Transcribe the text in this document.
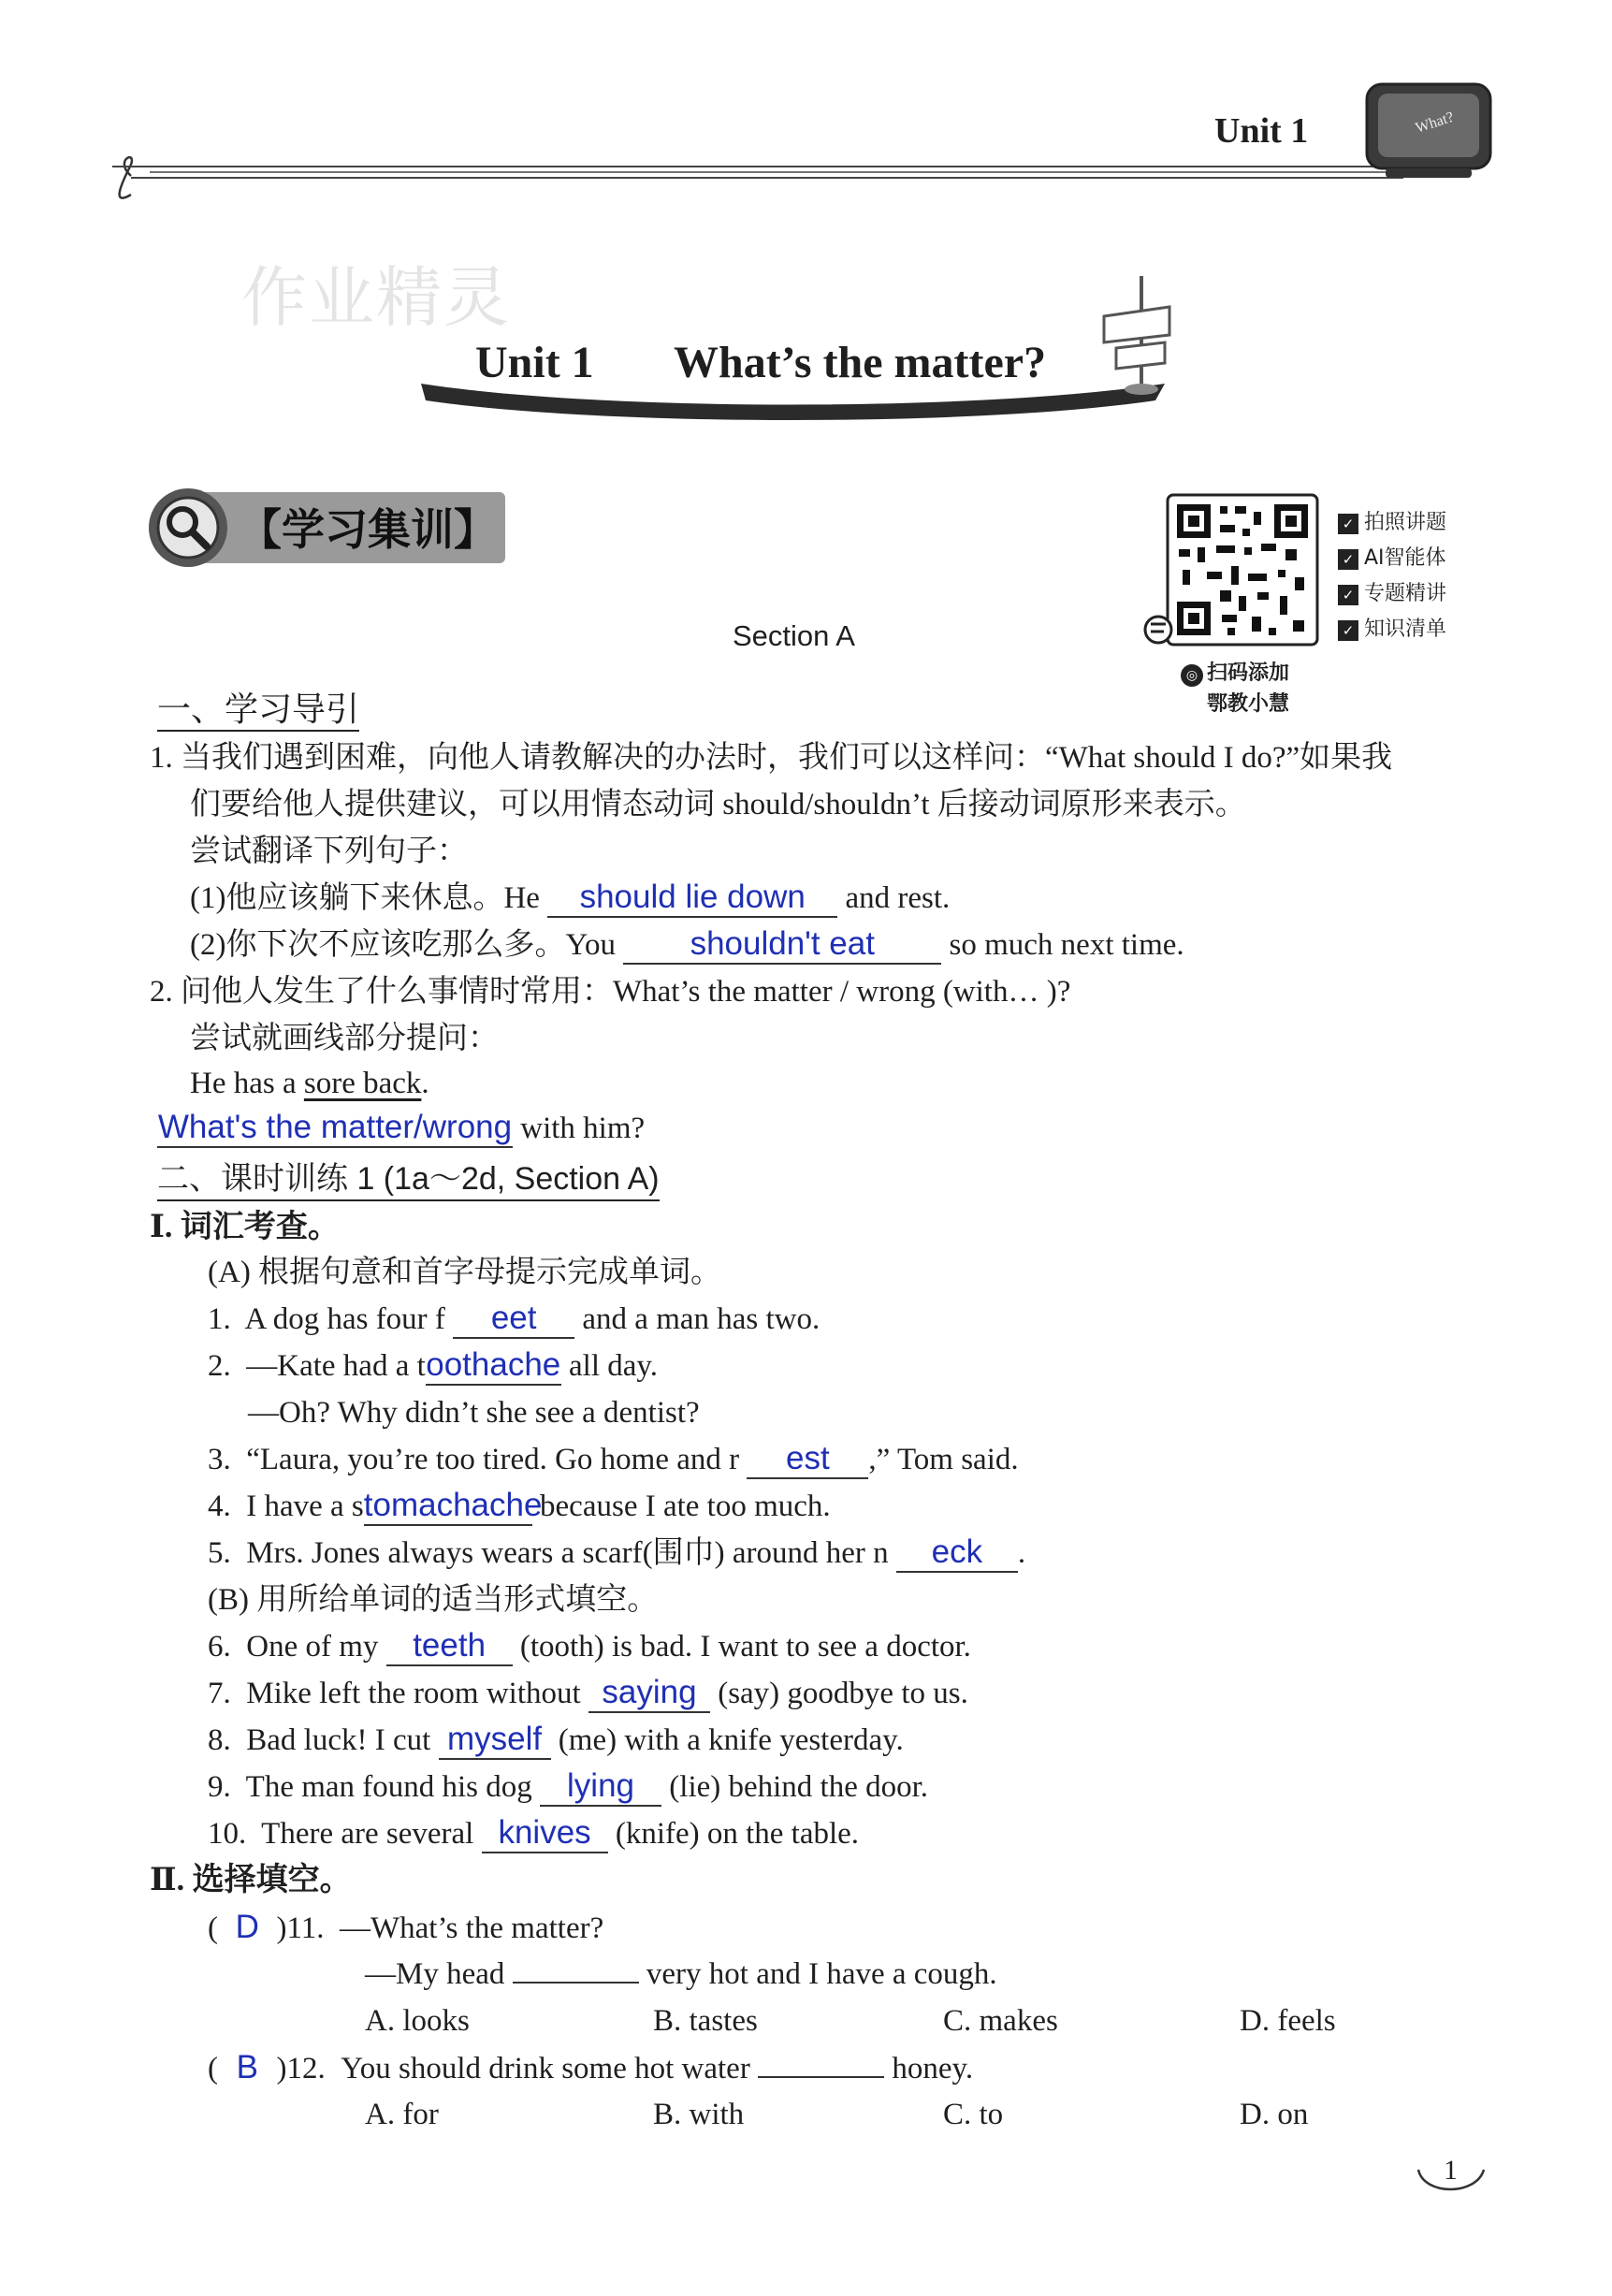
Unit 1	What?
作业精灵
Unit 1 What’s the matter?
【学习集训】	✓ 拍照讲题
✓ AI智能体
✓ 专题精讲
✓ 知识清单
◎ 扫码添加
鄂教小慧
Section A
一、学习导引
1. 当我们遇到困难，向他人请教解决的办法时，我们可以这样问：“What should I do?”如果我
们要给他人提供建议，可以用情态动词 should/shouldn’t 后接动词原形来表示。
尝试翻译下列句子：
(1)他应该躺下来休息。He should lie down and rest.
(2)你下次不应该吃那么多。You shouldn't eat so much next time.
2. 问他人发生了什么事情时常用：What’s the matter / wrong (with… )?
尝试就画线部分提问：
He has a sore back.
What's the matter/wrong with him?
二、课时训练 1 (1a～2d, Section A)
Ⅰ. 词汇考查。
(A) 根据句意和首字母提示完成单词。
1. A dog has four f eet and a man has two.
2. —Kate had a toothache all day.
—Oh? Why didn’t she see a dentist?
3. “Laura, you’re too tired. Go home and r est ,” Tom said.
4. I have a stomachache because I ate too much.
5. Mrs. Jones always wears a scarf(围巾) around her n eck .
(B) 用所给单词的适当形式填空。
6. One of my teeth (tooth) is bad. I want to see a doctor.
7. Mike left the room without saying (say) goodbye to us.
8. Bad luck! I cut myself (me) with a knife yesterday.
9. The man found his dog lying (lie) behind the door.
10. There are several knives (knife) on the table.
Ⅱ. 选择填空。
( D )11. —What’s the matter?
—My head	very hot and I have a cough.
A. looks	B. tastes	C. makes	D. feels
( B )12. You should drink some hot water	honey.
A. for	B. with	C. to	D. on
1
